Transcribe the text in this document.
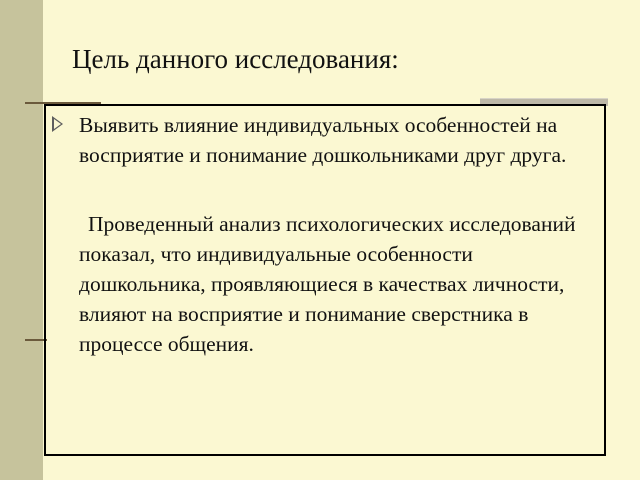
Цель данного исследования:

Выявить влияние индивидуальных особенностей на восприятие и понимание дошкольниками друг друга.

Проведенный анализ психологических исследований показал, что индивидуальные особенности дошкольника, проявляющиеся в качествах личности, влияют на восприятие и понимание сверстника в процессе общения.
